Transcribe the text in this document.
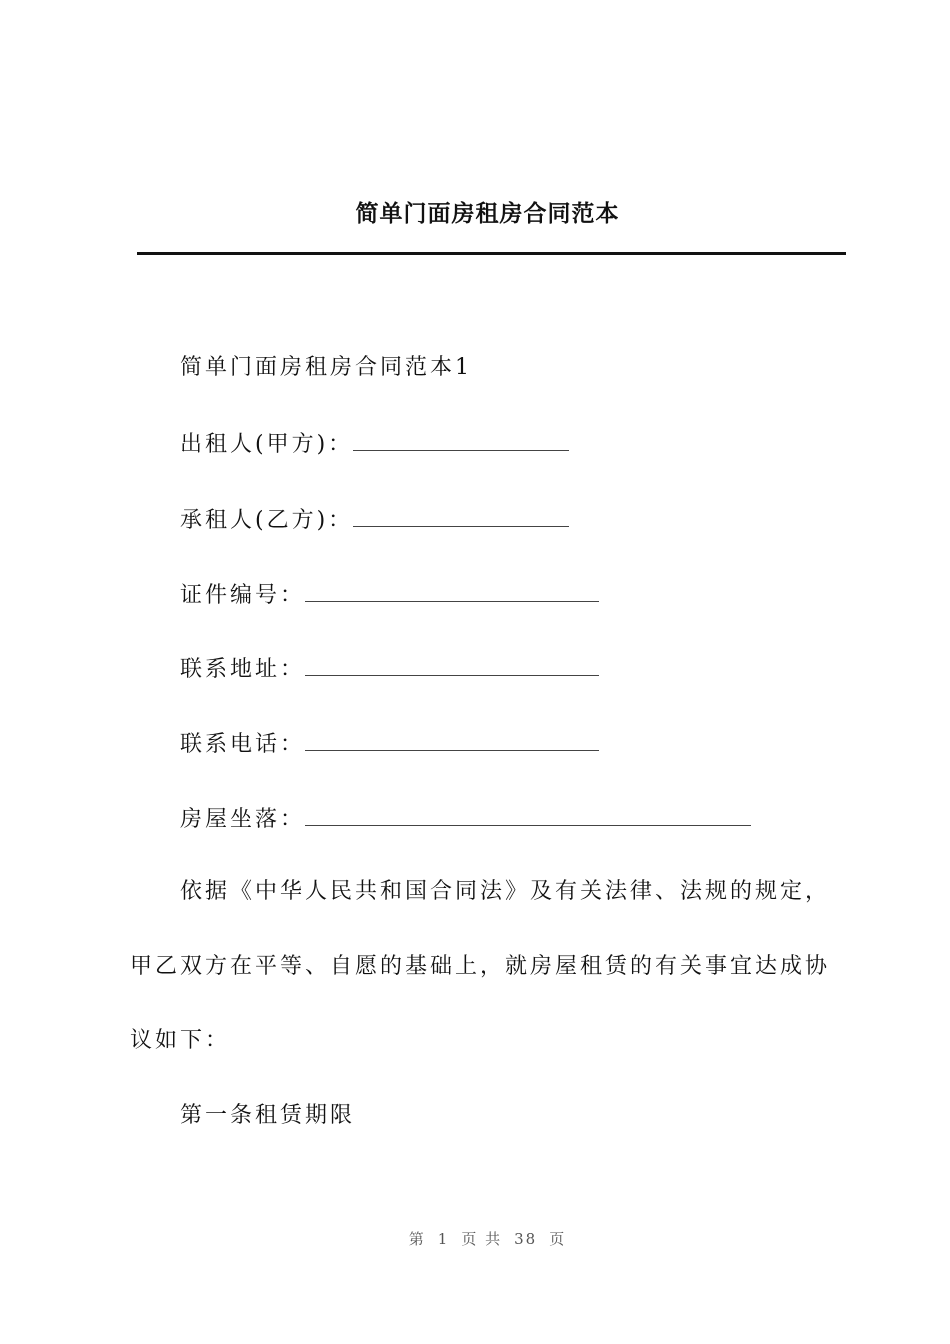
简单门面房租房合同范本
简单门面房租房合同范本1
出租人(甲方)：
承租人(乙方)：
证件编号：
联系地址：
联系电话：
房屋坐落：
依据《中华人民共和国合同法》及有关法律、法规的规定，
甲乙双方在平等、自愿的基础上，就房屋租赁的有关事宜达成协
议如下：
第一条租赁期限
第 1 页 共 38 页
